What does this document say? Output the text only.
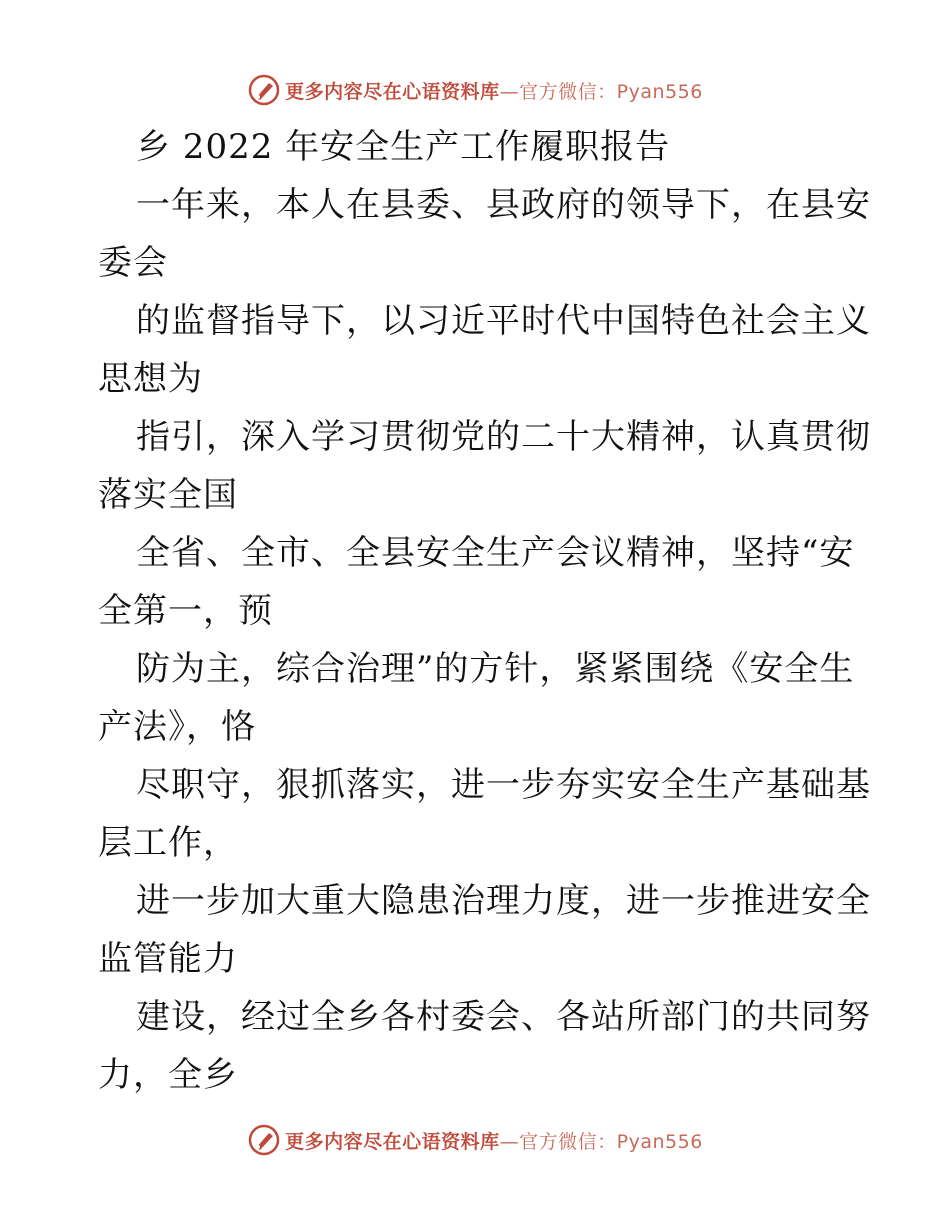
更多内容尽在心语资料库—官方微信：Pyan556
乡 2022 年安全生产工作履职报告
一年来，本人在县委、县政府的领导下，在县安
委会
的监督指导下，以习近平时代中国特色社会主义
思想为
指引，深入学习贯彻党的二十大精神，认真贯彻
落实全国
全省、全市、全县安全生产会议精神，坚持“安
全第一，预
防为主，综合治理”的方针，紧紧围绕《安全生
产法》，恪
尽职守，狠抓落实，进一步夯实安全生产基础基
层工作，
进一步加大重大隐患治理力度，进一步推进安全
监管能力
建设，经过全乡各村委会、各站所部门的共同努
力，全乡
更多内容尽在心语资料库—官方微信：Pyan556
